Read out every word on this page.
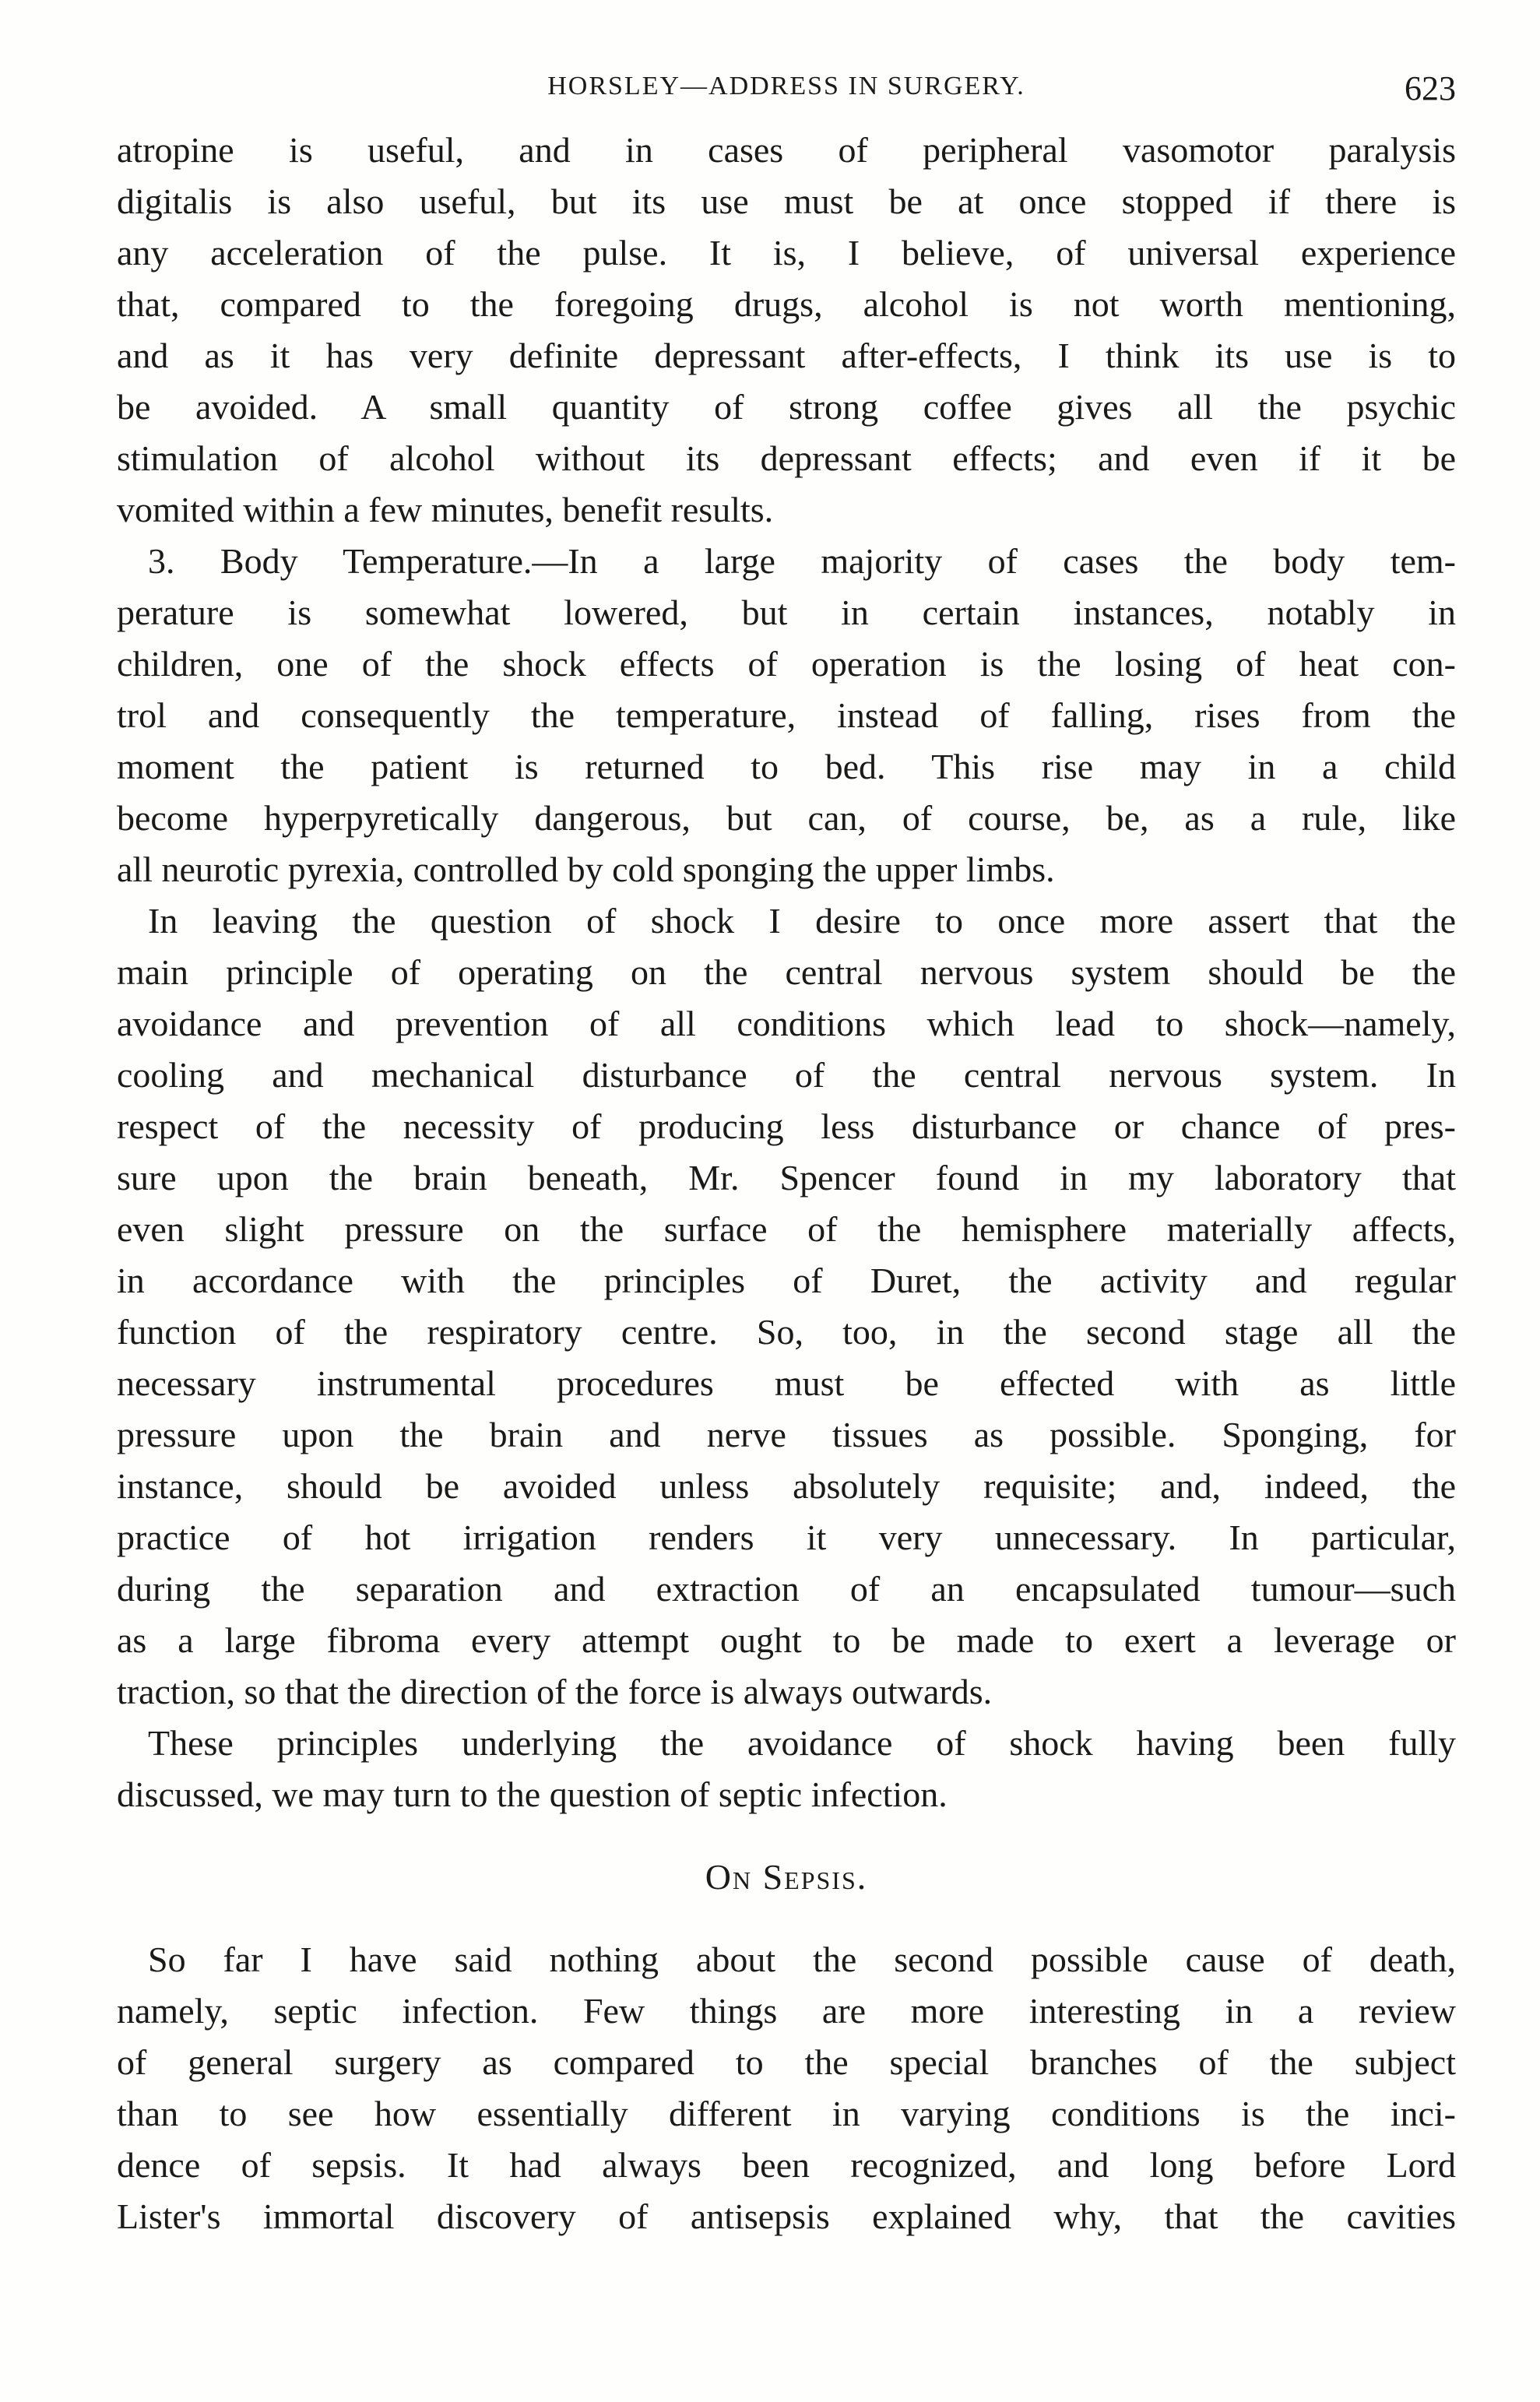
HORSLEY—ADDRESS IN SURGERY.	623
atropine is useful, and in cases of peripheral vasomotor paralysis
digitalis is also useful, but its use must be at once stopped if there is
any acceleration of the pulse. It is, I believe, of universal experience
that, compared to the foregoing drugs, alcohol is not worth mentioning,
and as it has very definite depressant after-effects, I think its use is to
be avoided. A small quantity of strong coffee gives all the psychic
stimulation of alcohol without its depressant effects; and even if it be
vomited within a few minutes, benefit results.
3. Body Temperature.—In a large majority of cases the body tem-
perature is somewhat lowered, but in certain instances, notably in
children, one of the shock effects of operation is the losing of heat con-
trol and consequently the temperature, instead of falling, rises from the
moment the patient is returned to bed. This rise may in a child
become hyperpyretically dangerous, but can, of course, be, as a rule, like
all neurotic pyrexia, controlled by cold sponging the upper limbs.
In leaving the question of shock I desire to once more assert that the
main principle of operating on the central nervous system should be the
avoidance and prevention of all conditions which lead to shock—namely,
cooling and mechanical disturbance of the central nervous system. In
respect of the necessity of producing less disturbance or chance of pres-
sure upon the brain beneath, Mr. Spencer found in my laboratory that
even slight pressure on the surface of the hemisphere materially affects,
in accordance with the principles of Duret, the activity and regular
function of the respiratory centre. So, too, in the second stage all the
necessary instrumental procedures must be effected with as little
pressure upon the brain and nerve tissues as possible. Sponging, for
instance, should be avoided unless absolutely requisite; and, indeed, the
practice of hot irrigation renders it very unnecessary. In particular,
during the separation and extraction of an encapsulated tumour—such
as a large fibroma every attempt ought to be made to exert a leverage or
traction, so that the direction of the force is always outwards.
These principles underlying the avoidance of shock having been fully
discussed, we may turn to the question of septic infection.
On Sepsis.
So far I have said nothing about the second possible cause of death,
namely, septic infection. Few things are more interesting in a review
of general surgery as compared to the special branches of the subject
than to see how essentially different in varying conditions is the inci-
dence of sepsis. It had always been recognized, and long before Lord
Lister's immortal discovery of antisepsis explained why, that the cavities
